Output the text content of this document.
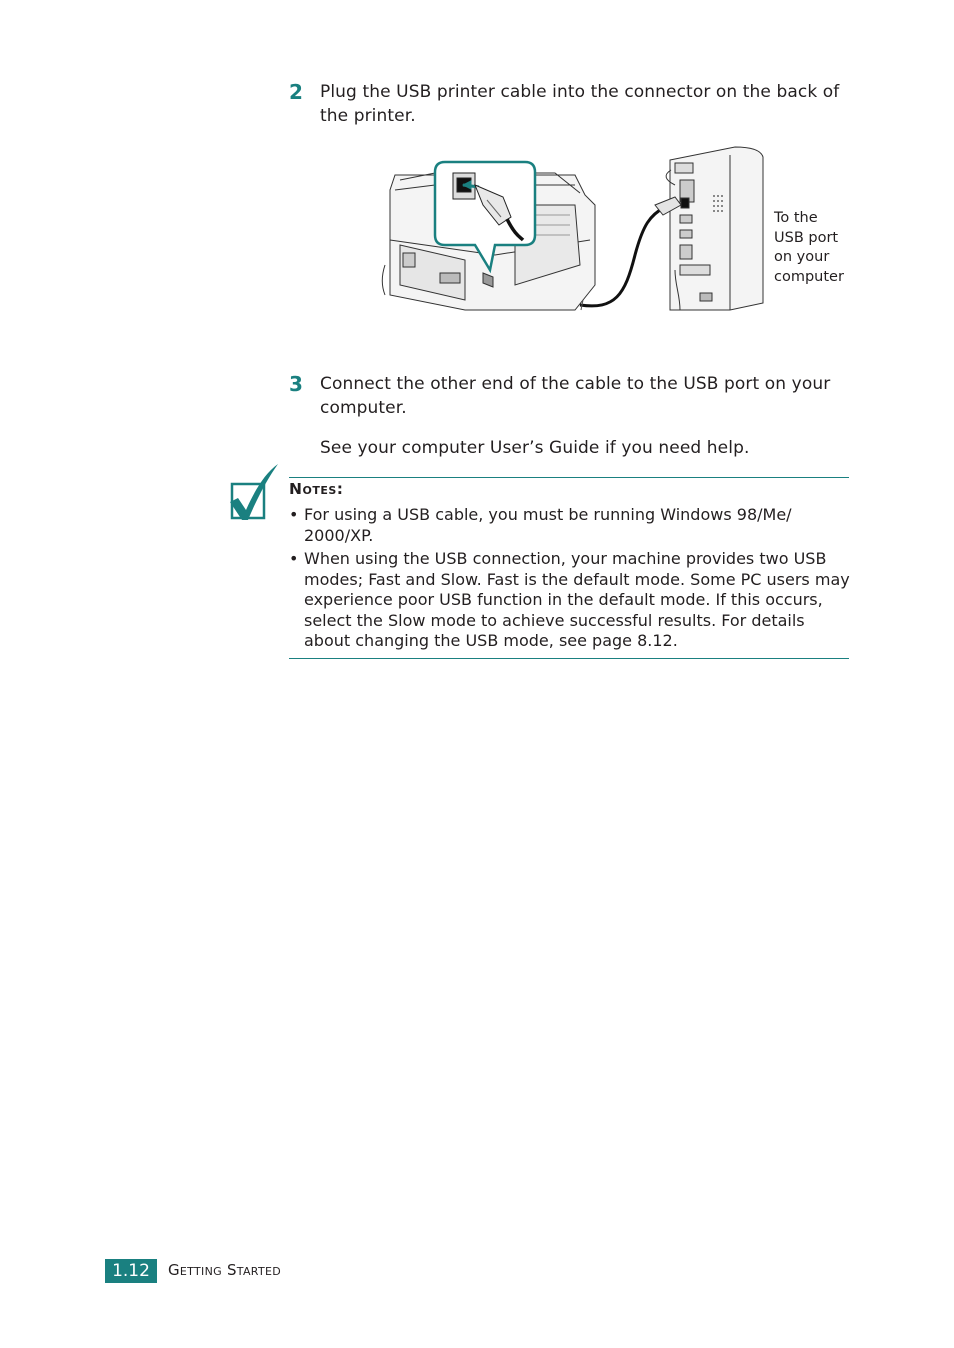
2 Plug the USB printer cable into the connector on the back of the printer.
To the
USB port
on your
computer
3 Connect the other end of the cable to the USB port on your computer.
See your computer User’s Guide if you need help.
Notes:
• For using a USB cable, you must be running Windows 98/Me/ 2000/XP.
• When using the USB connection, your machine provides two USB modes; Fast and Slow. Fast is the default mode. Some PC users may experience poor USB function in the default mode. If this occurs, select the Slow mode to achieve successful results. For details about changing the USB mode, see page 8.12.
1.12	Getting Started
